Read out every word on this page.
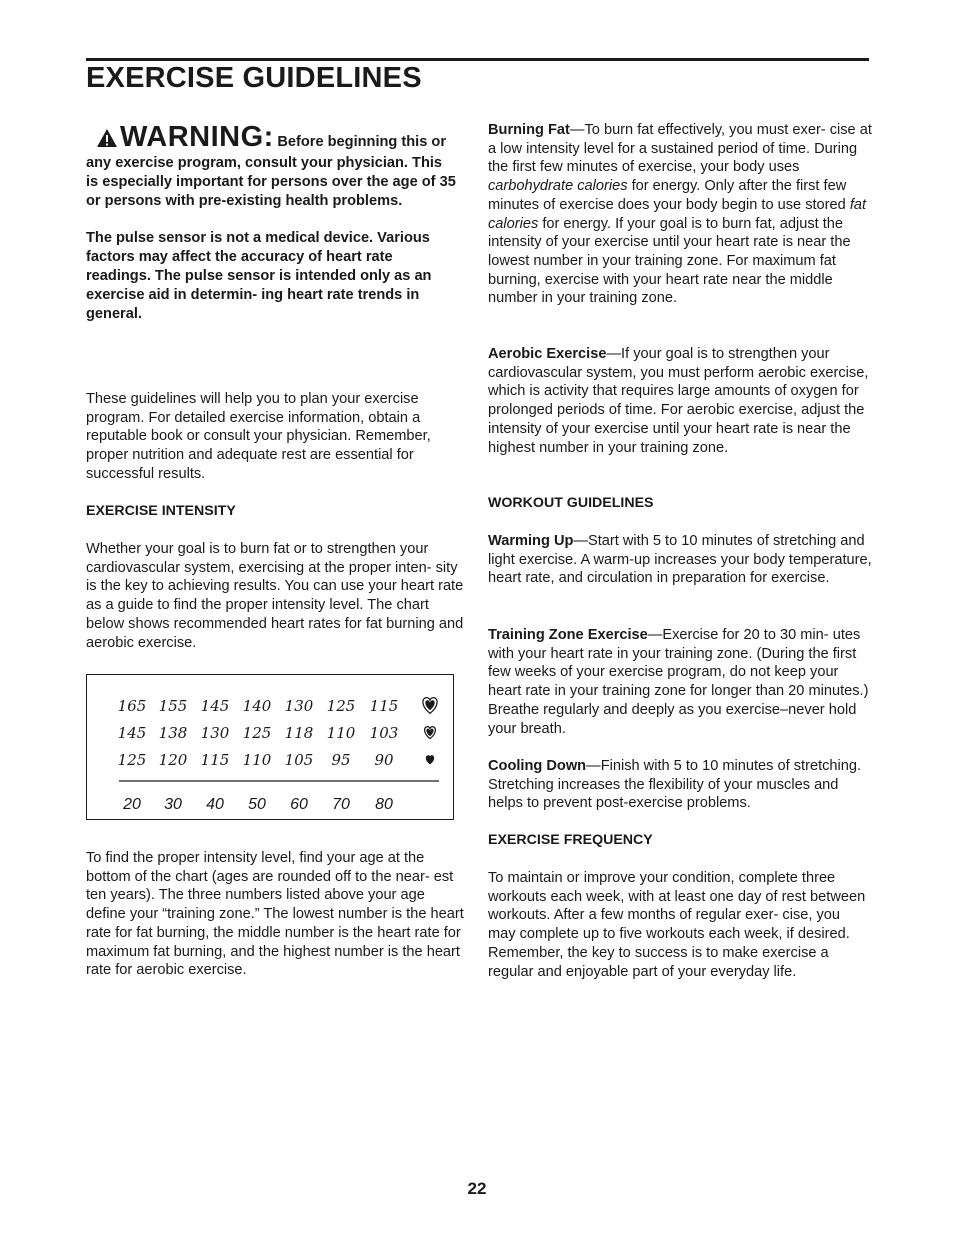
EXERCISE GUIDELINES

WARNING: Before beginning this or any exercise program, consult your physician. This is especially important for persons over the age of 35 or persons with pre-existing health problems.

The pulse sensor is not a medical device. Various factors may affect the accuracy of heart rate readings. The pulse sensor is intended only as an exercise aid in determin- ing heart rate trends in general.

These guidelines will help you to plan your exercise program. For detailed exercise information, obtain a reputable book or consult your physician. Remember, proper nutrition and adequate rest are essential for successful results.

EXERCISE INTENSITY

Whether your goal is to burn fat or to strengthen your cardiovascular system, exercising at the proper inten- sity is the key to achieving results. You can use your heart rate as a guide to find the proper intensity level. The chart below shows recommended heart rates for fat burning and aerobic exercise.

165 155 145 140 130 125 115
145 138 130 125 118 110 103
125 120 115 110 105 95 90
20 30 40 50 60 70 80

To find the proper intensity level, find your age at the bottom of the chart (ages are rounded off to the near- est ten years). The three numbers listed above your age define your “training zone.” The lowest number is the heart rate for fat burning, the middle number is the heart rate for maximum fat burning, and the highest number is the heart rate for aerobic exercise.

Burning Fat—To burn fat effectively, you must exer- cise at a low intensity level for a sustained period of time. During the first few minutes of exercise, your body uses carbohydrate calories for energy. Only after the first few minutes of exercise does your body begin to use stored fat calories for energy. If your goal is to burn fat, adjust the intensity of your exercise until your heart rate is near the lowest number in your training zone. For maximum fat burning, exercise with your heart rate near the middle number in your training zone.

Aerobic Exercise—If your goal is to strengthen your cardiovascular system, you must perform aerobic exercise, which is activity that requires large amounts of oxygen for prolonged periods of time. For aerobic exercise, adjust the intensity of your exercise until your heart rate is near the highest number in your training zone.

WORKOUT GUIDELINES

Warming Up—Start with 5 to 10 minutes of stretching and light exercise. A warm-up increases your body temperature, heart rate, and circulation in preparation for exercise.

Training Zone Exercise—Exercise for 20 to 30 min- utes with your heart rate in your training zone. (During the first few weeks of your exercise program, do not keep your heart rate in your training zone for longer than 20 minutes.) Breathe regularly and deeply as you exercise–never hold your breath.

Cooling Down—Finish with 5 to 10 minutes of stretching. Stretching increases the flexibility of your muscles and helps to prevent post-exercise problems.

EXERCISE FREQUENCY

To maintain or improve your condition, complete three workouts each week, with at least one day of rest between workouts. After a few months of regular exer- cise, you may complete up to five workouts each week, if desired. Remember, the key to success is to make exercise a regular and enjoyable part of your everyday life.

22
